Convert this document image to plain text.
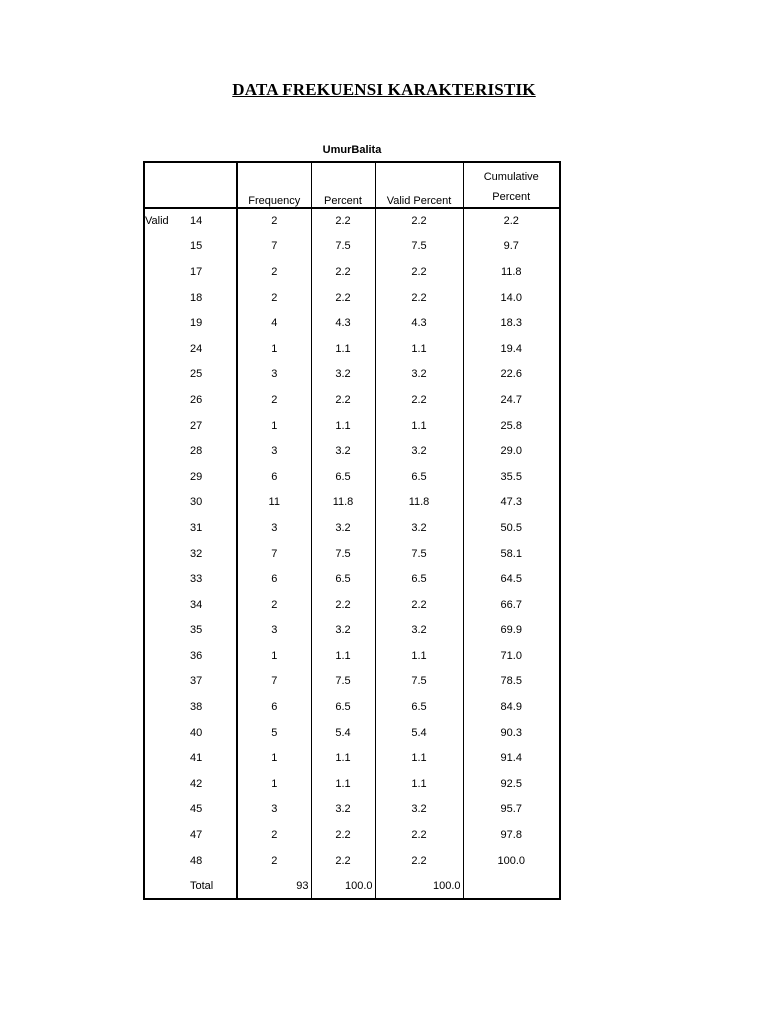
DATA FREKUENSI KARAKTERISTIK
UmurBalita
		Frequency	Percent	Valid Percent	Cumulative
Percent

Valid	14	2	2.2	2.2	2.2
	15	7	7.5	7.5	9.7
	17	2	2.2	2.2	11.8
	18	2	2.2	2.2	14.0
	19	4	4.3	4.3	18.3
	24	1	1.1	1.1	19.4
	25	3	3.2	3.2	22.6
	26	2	2.2	2.2	24.7
	27	1	1.1	1.1	25.8
	28	3	3.2	3.2	29.0
	29	6	6.5	6.5	35.5
	30	11	11.8	11.8	47.3
	31	3	3.2	3.2	50.5
	32	7	7.5	7.5	58.1
	33	6	6.5	6.5	64.5
	34	2	2.2	2.2	66.7
	35	3	3.2	3.2	69.9
	36	1	1.1	1.1	71.0
	37	7	7.5	7.5	78.5
	38	6	6.5	6.5	84.9
	40	5	5.4	5.4	90.3
	41	1	1.1	1.1	91.4
	42	1	1.1	1.1	92.5
	45	3	3.2	3.2	95.7
	47	2	2.2	2.2	97.8
	48	2	2.2	2.2	100.0
	Total	93	100.0	100.0	
